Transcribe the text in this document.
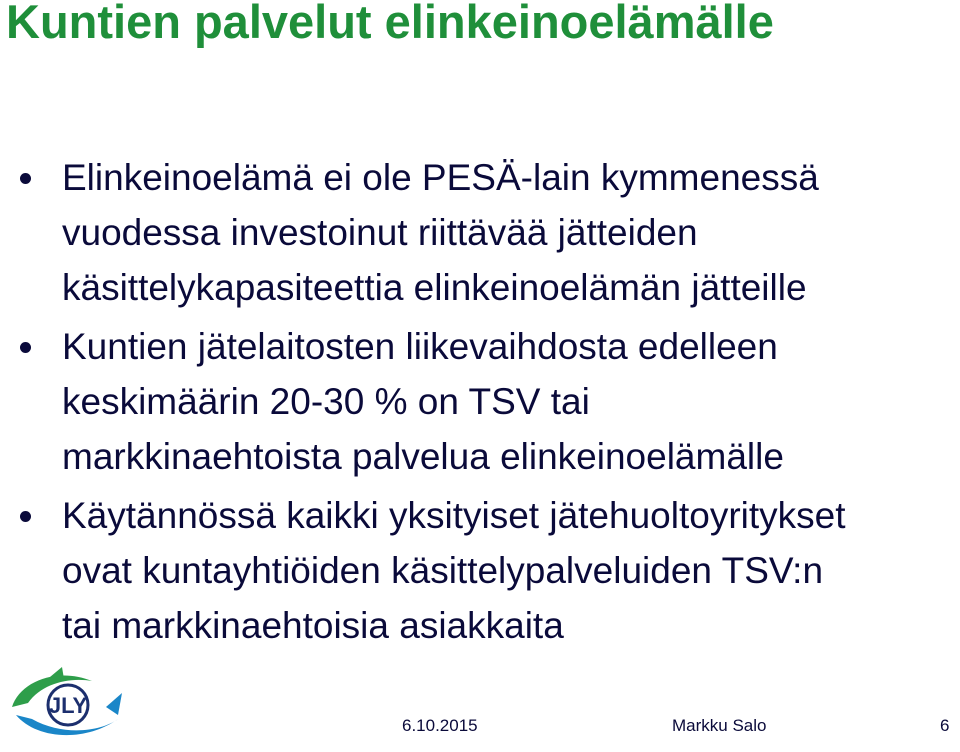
Kuntien palvelut elinkeinoelämälle
Elinkeinoelämä ei ole PESÄ-lain kymmenessä
vuodessa investoinut riittävää jätteiden
käsittelykapasiteettia elinkeinoelämän jätteille
Kuntien jätelaitosten liikevaihdosta edelleen
keskimäärin 20-30 % on TSV tai
markkinaehtoista palvelua elinkeinoelämälle
Käytännössä kaikki yksityiset jätehuoltoyritykset
ovat kuntayhtiöiden käsittelypalveluiden TSV:n
tai markkinaehtoisia asiakkaita
JLY
6.10.2015	Markku Salo	6
